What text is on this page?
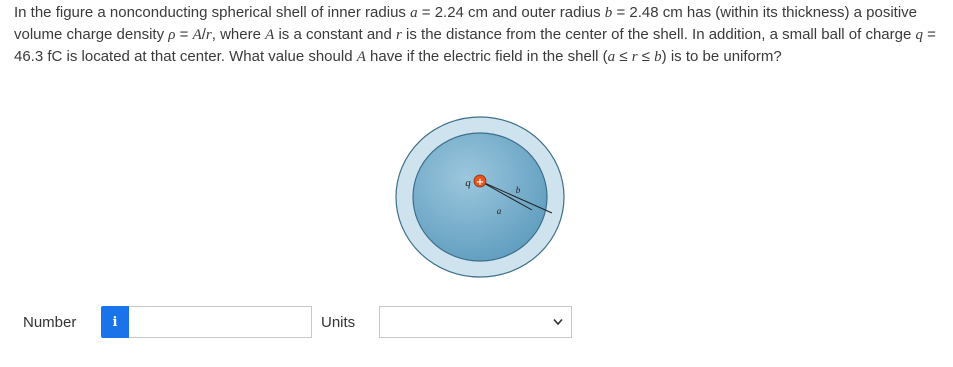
In the figure a nonconducting spherical shell of inner radius a = 2.24 cm and outer radius b = 2.48 cm has (within its thickness) a positive volume charge density ρ = A/r, where A is a constant and r is the distance from the center of the shell. In addition, a small ball of charge q = 46.3 fC is located at that center. What value should A have if the electric field in the shell (a ≤ r ≤ b) is to be uniform?
+
q
a
b
Number	i	Units
